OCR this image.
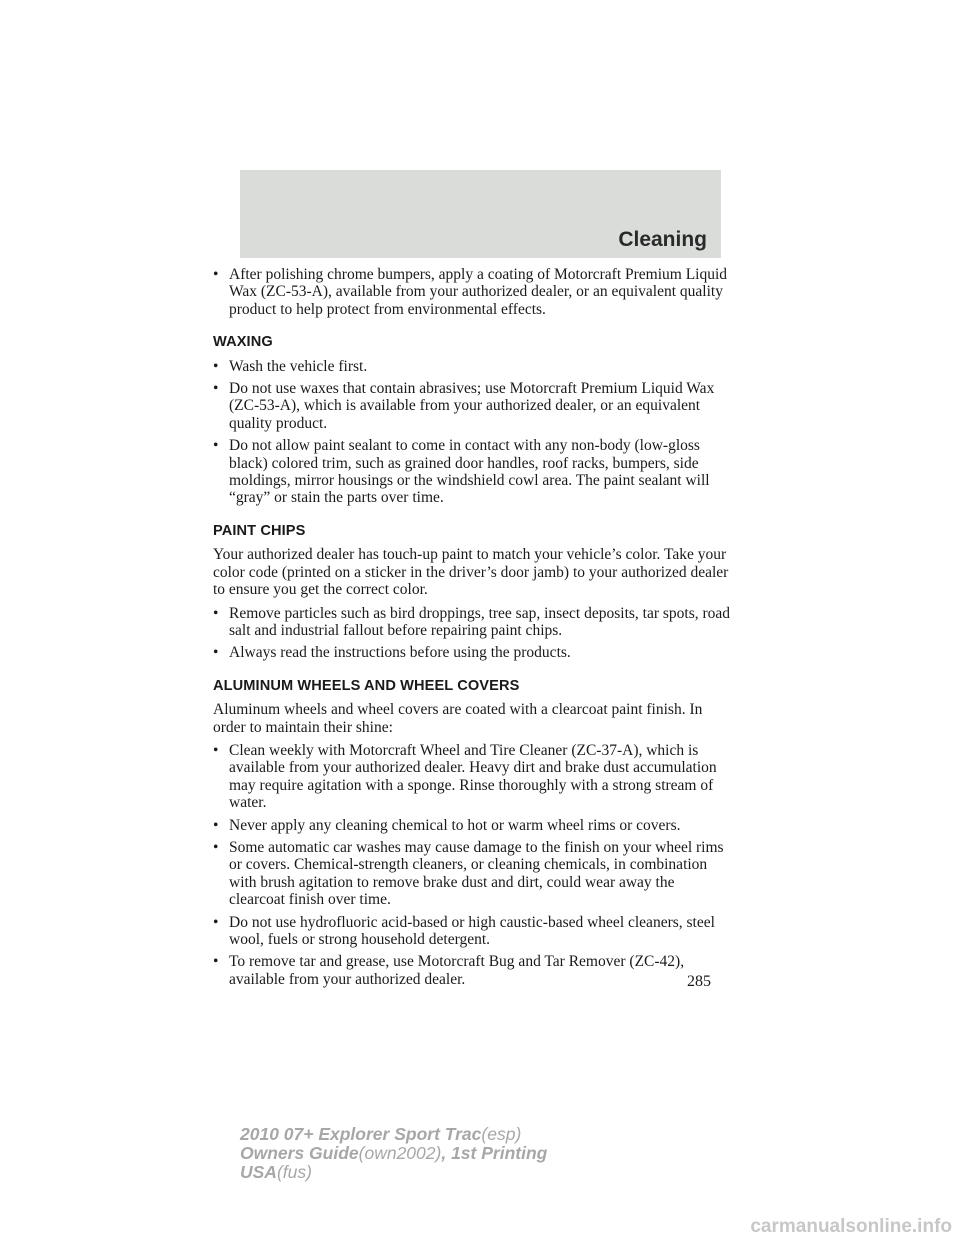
Cleaning
• After polishing chrome bumpers, apply a coating of Motorcraft Premium Liquid Wax (ZC-53-A), available from your authorized dealer, or an equivalent quality product to help protect from environmental effects.
WAXING
• Wash the vehicle first.
• Do not use waxes that contain abrasives; use Motorcraft Premium Liquid Wax (ZC-53-A), which is available from your authorized dealer, or an equivalent quality product.
• Do not allow paint sealant to come in contact with any non-body (low-gloss black) colored trim, such as grained door handles, roof racks, bumpers, side moldings, mirror housings or the windshield cowl area. The paint sealant will “gray” or stain the parts over time.
PAINT CHIPS

Your authorized dealer has touch-up paint to match your vehicle’s color. Take your color code (printed on a sticker in the driver’s door jamb) to your authorized dealer to ensure you get the correct color.

• Remove particles such as bird droppings, tree sap, insect deposits, tar spots, road salt and industrial fallout before repairing paint chips.
• Always read the instructions before using the products.
ALUMINUM WHEELS AND WHEEL COVERS

Aluminum wheels and wheel covers are coated with a clearcoat paint finish. In order to maintain their shine:

• Clean weekly with Motorcraft Wheel and Tire Cleaner (ZC-37-A), which is available from your authorized dealer. Heavy dirt and brake dust accumulation may require agitation with a sponge. Rinse thoroughly with a strong stream of water.
• Never apply any cleaning chemical to hot or warm wheel rims or covers.
• Some automatic car washes may cause damage to the finish on your wheel rims or covers. Chemical-strength cleaners, or cleaning chemicals, in combination with brush agitation to remove brake dust and dirt, could wear away the clearcoat finish over time.
• Do not use hydrofluoric acid-based or high caustic-based wheel cleaners, steel wool, fuels or strong household detergent.
• To remove tar and grease, use Motorcraft Bug and Tar Remover (ZC-42), available from your authorized dealer.	285
2010 07+ Explorer Sport Trac(esp)
Owners Guide(own2002), 1st Printing
USA(fus)
carmanualsonline.info
